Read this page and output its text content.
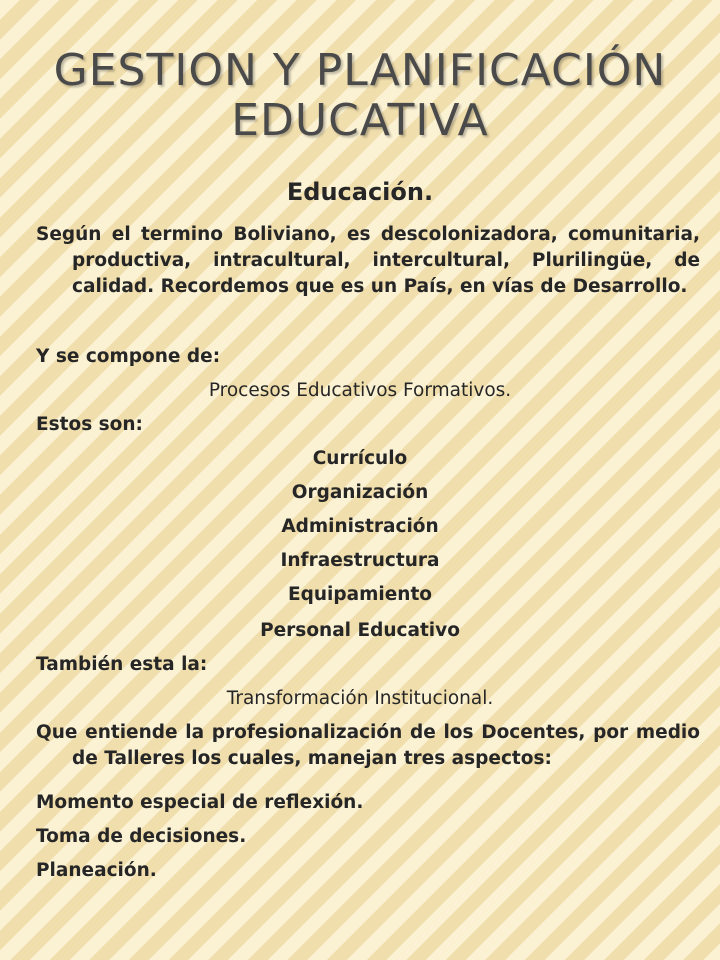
GESTION Y PLANIFICACIÓN
EDUCATIVA
Educación.

Según el termino Boliviano, es descolonizadora, comunitaria, productiva, intracultural, intercultural, Plurilingüe, de calidad. Recordemos que es un País, en vías de Desarrollo.

Y se compone de:
Procesos Educativos Formativos.
Estos son:
Currículo
Organización
Administración
Infraestructura
Equipamiento
Personal Educativo
También esta la:
Transformación Institucional.

Que entiende la profesionalización de los Docentes, por medio de Talleres los cuales, manejan tres aspectos:

Momento especial de reflexión.
Toma de decisiones.
Planeación.
